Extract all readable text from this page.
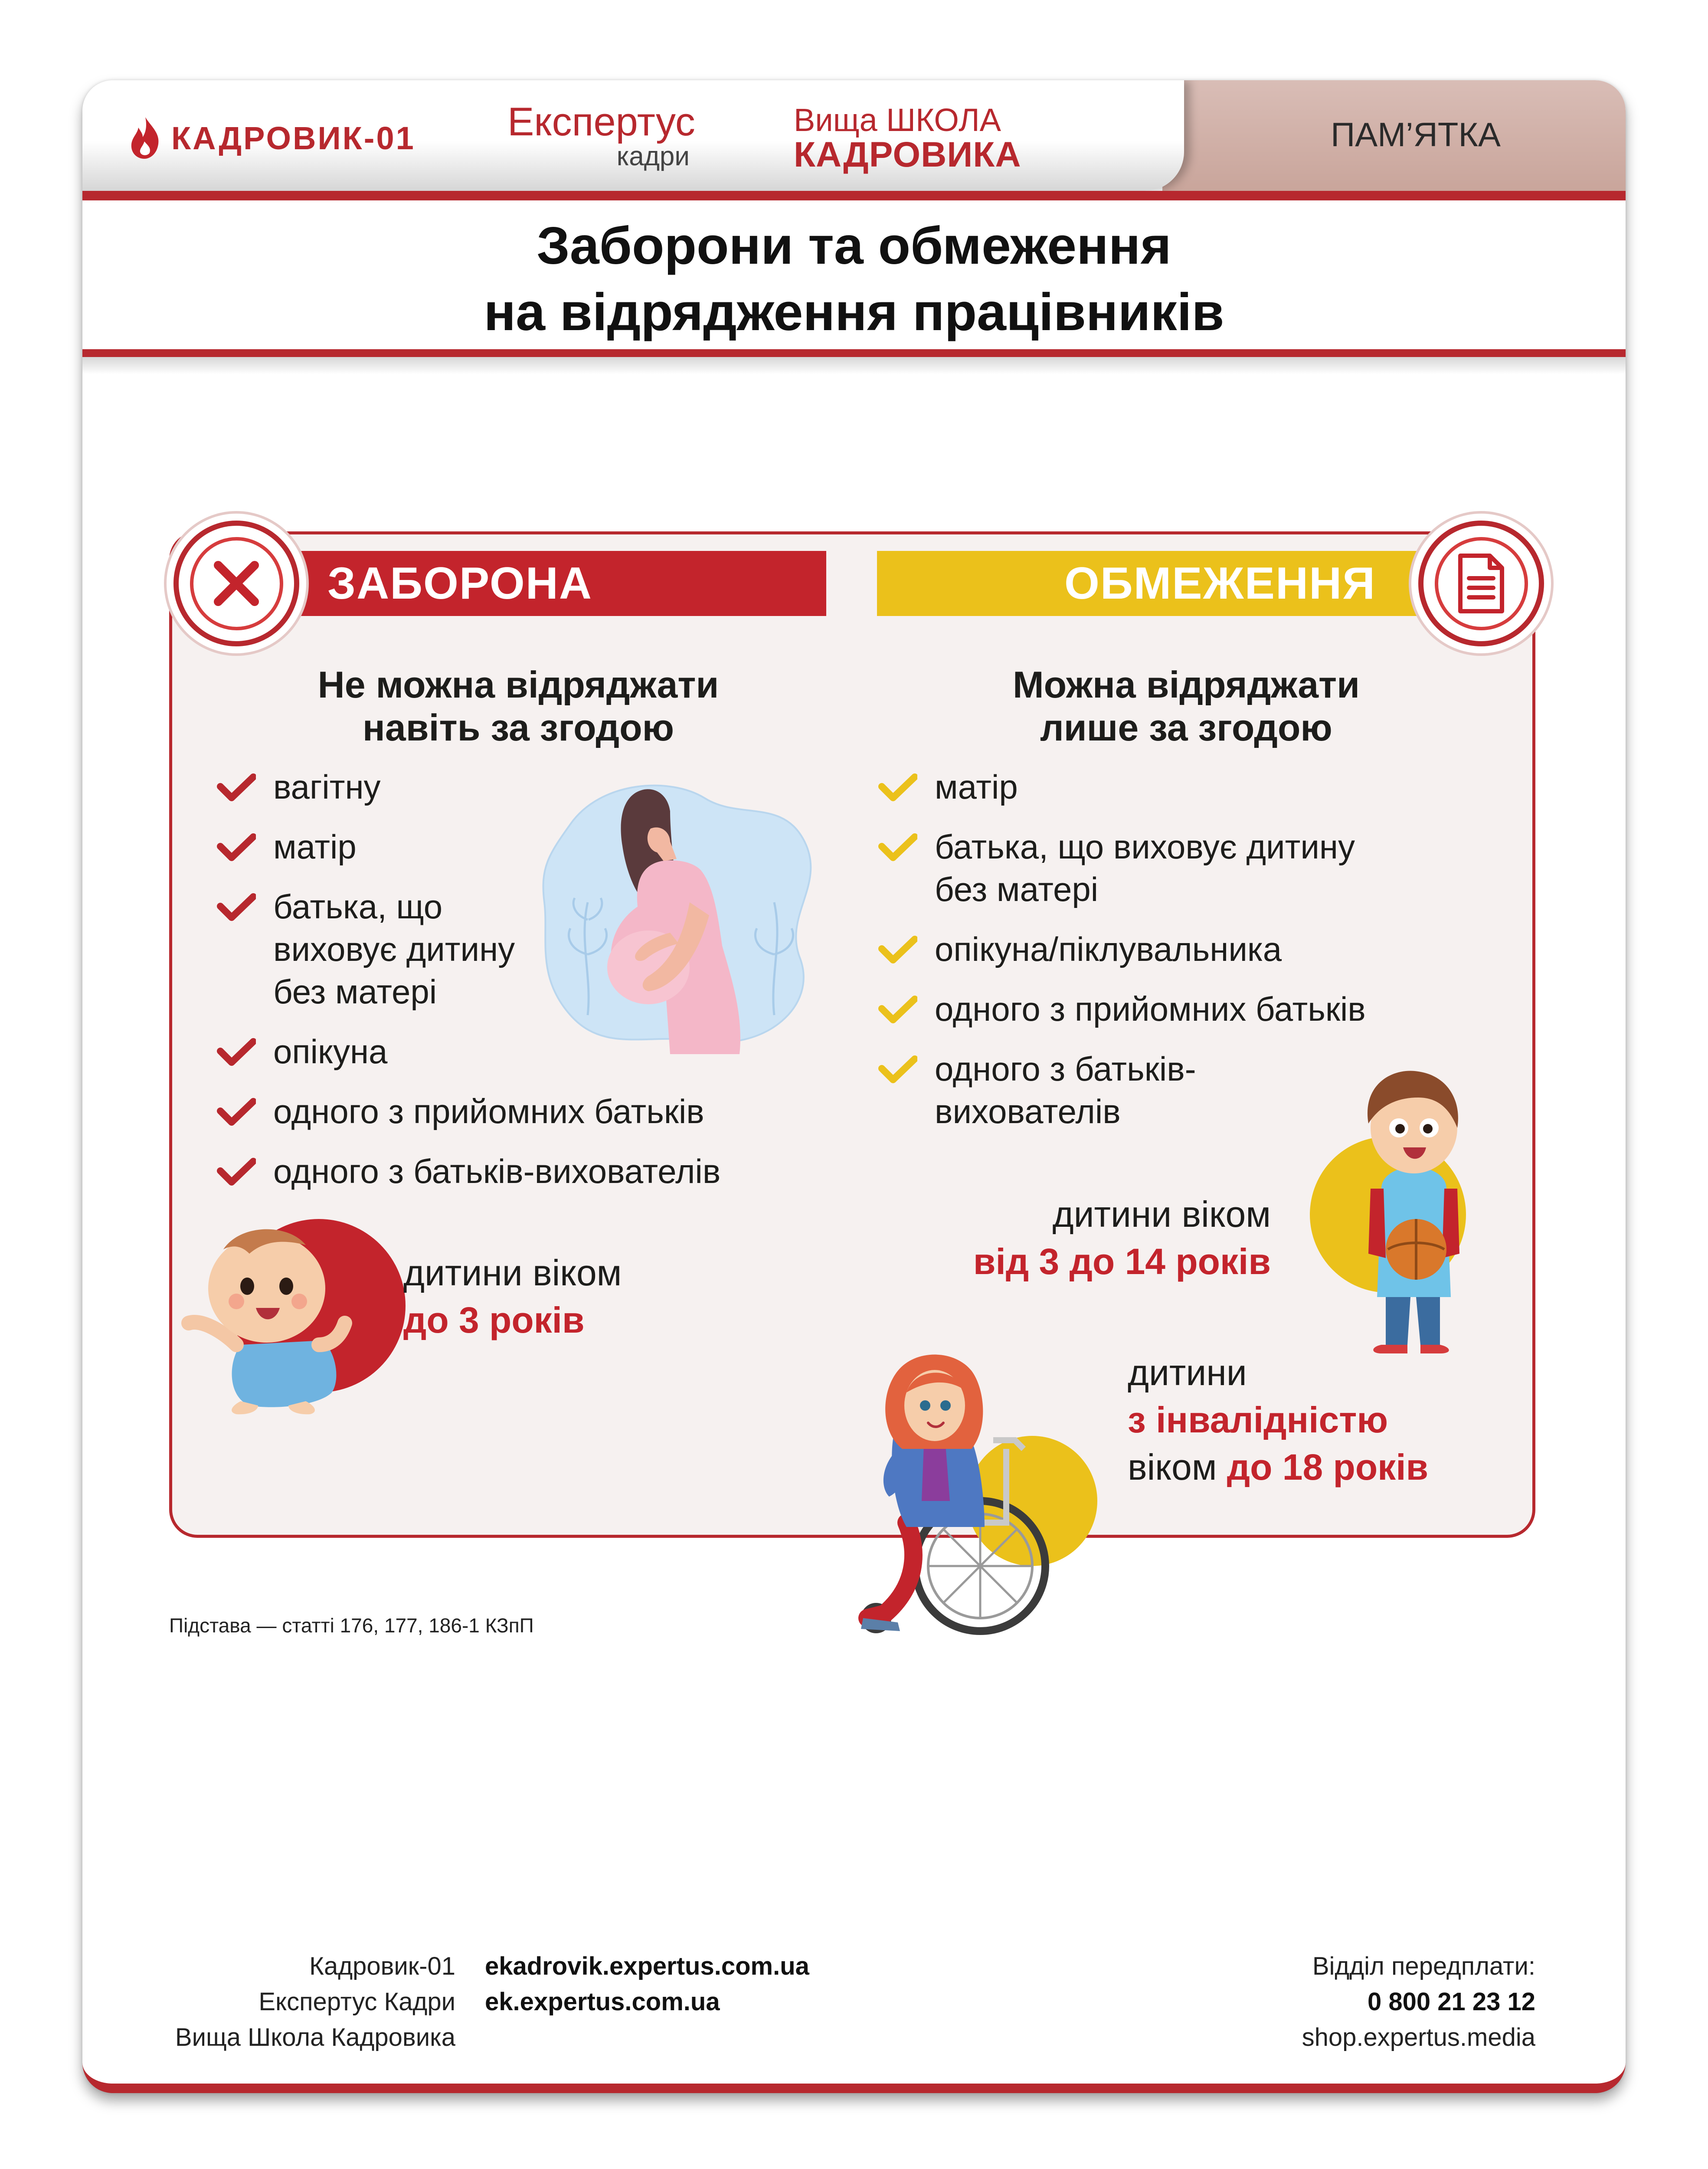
КАДРОВИК-01 Експертус
кадри
Вища ШКОЛА
КАДРОВИКА
ПАМ’ЯТКА
Заборони та обмеження
на відрядження працівників
ЗАБОРОНА	ОБМЕЖЕННЯ
Не можна відряджати
навіть за згодою
Можна відряджати
лише за згодою
вагітну
матір
батька, що виховує дитину без матері
опікуна
одного з прийомних батьків
одного з батьків-вихователів
матір
батька, що виховує дитину без матері
опікуна/піклувальника
одного з прийомних батьків
одного з батьків-вихователів
дитини віком
до 3 років
дитини віком
від 3 до 14 років
дитини
з інвалідністю
віком до 18 років
Підстава — статті 176, 177, 186-1 КЗпП
Кадровик-01
Експертус Кадри
Вища Школа Кадровика
ekadrovik.expertus.com.ua
ek.expertus.com.ua
Відділ передплати:
0 800 21 23 12
shop.expertus.media
